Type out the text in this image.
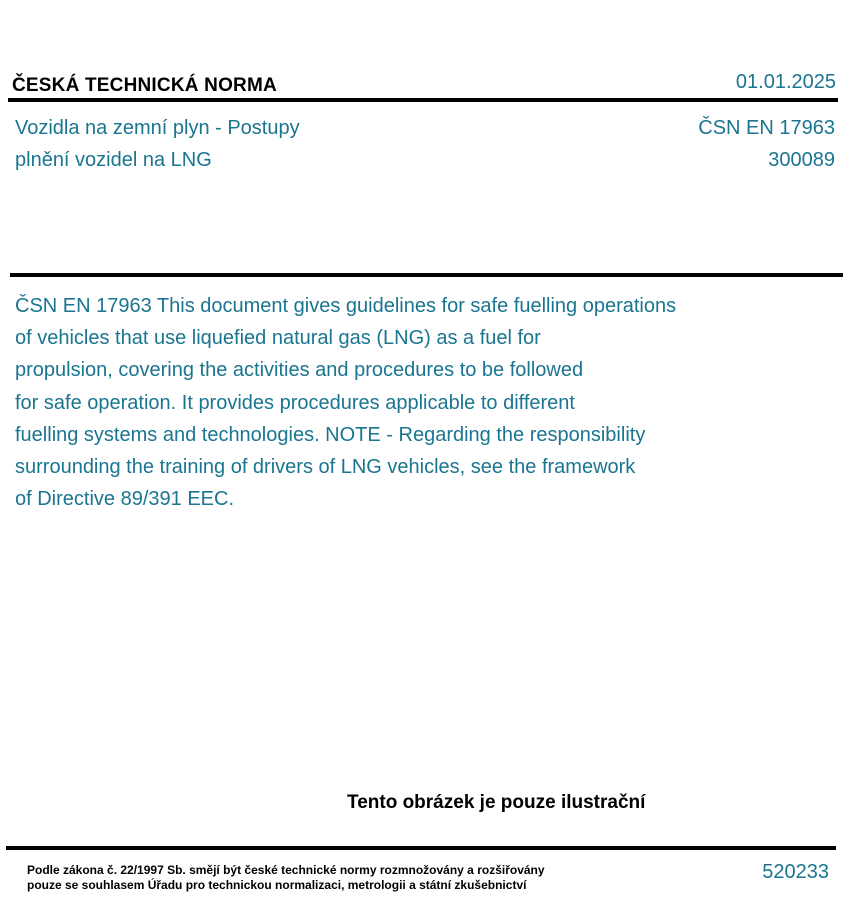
ČESKÁ TECHNICKÁ NORMA	01.01.2025
Vozidla na zemní plyn - Postupy
plnění vozidel na LNG
ČSN EN 17963
300089
ČSN EN 17963 This document gives guidelines for safe fuelling operations
of vehicles that use liquefied natural gas (LNG) as a fuel for
propulsion, covering the activities and procedures to be followed
for safe operation. It provides procedures applicable to different
fuelling systems and technologies. NOTE - Regarding the responsibility
surrounding the training of drivers of LNG vehicles, see the framework
of Directive 89/391 EEC.
Tento obrázek je pouze ilustrační
Podle zákona č. 22/1997 Sb. smějí být české technické normy rozmnožovány a rozšiřovány
pouze se souhlasem Úřadu pro technickou normalizaci, metrologii a státní zkušebnictví
520233
